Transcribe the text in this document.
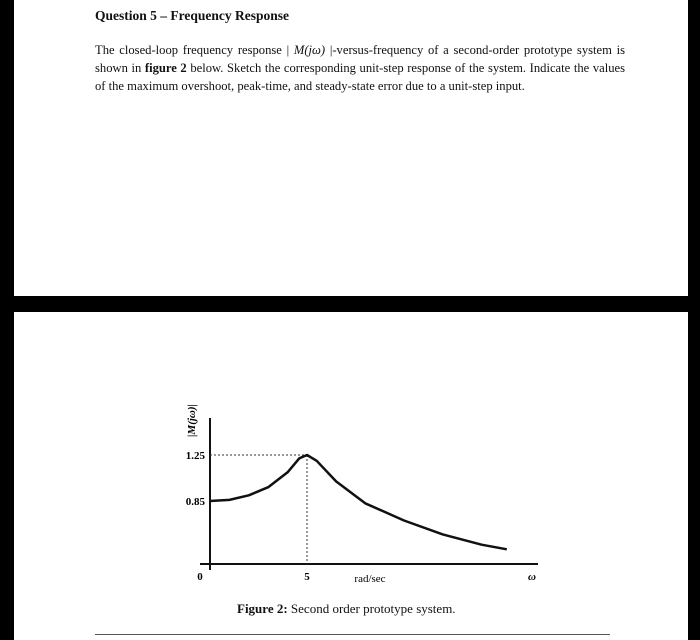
Question 5 – Frequency Response
The closed-loop frequency response | M(jω) |-versus-frequency of a second-order prototype system is shown in figure 2 below. Sketch the corresponding unit-step response of the system. Indicate the values of the maximum overshoot, peak-time, and steady-state error due to a unit-step input.
1.25
0.85
0	5	rad/sec	ω
|M(jω)|
Figure 2: Second order prototype system.
